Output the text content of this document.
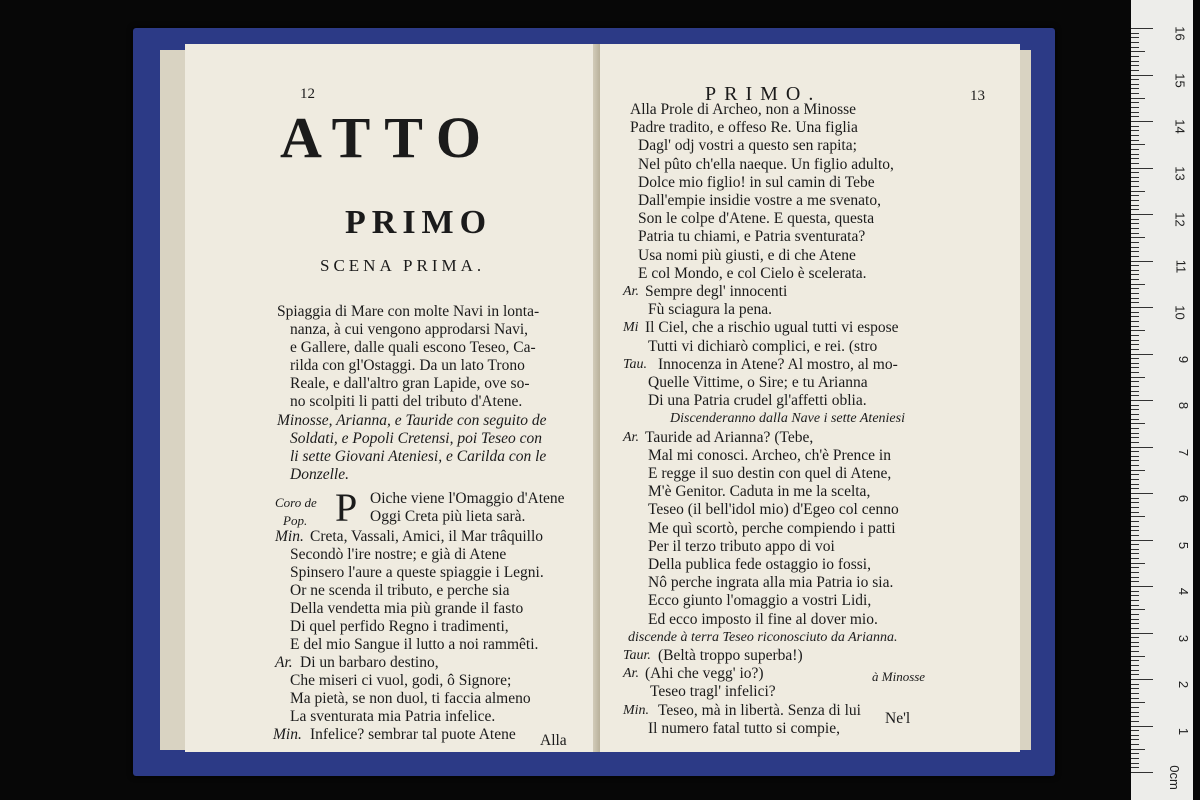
12
ATTO
PRIMO
SCENA PRIMA.
Spiaggia di Mare con molte Navi in lonta-
nanza, à cui vengono approdarsi Navi,
e Gallere, dalle quali escono Teseo, Ca-
rilda con gl'Ostaggi. Da un lato Trono
Reale, e dall'altro gran Lapide, ove so-
no scolpiti li patti del tributo d'Atene.
Minosse, Arianna, e Tauride con seguito de
Soldati, e Popoli Cretensi, poi Teseo con
li sette Giovani Ateniesi, e Carilda con le
Donzelle.
P
Coro de	Oiche viene l'Omaggio d'Atene
Pop.	Oggi Creta più lieta sarà.
Min. Creta, Vassali, Amici, il Mar trâquillo
Secondò l'ire nostre; e già di Atene
Spinsero l'aure a queste spiaggie i Legni.
Or ne scenda il tributo, e perche sia
Della vendetta mia più grande il fasto
Di quel perfido Regno i tradimenti,
E del mio Sangue il lutto a noi rammêti.
Ar. Di un barbaro destino,
Che miseri ci vuol, godi, ô Signore;
Ma pietà, se non duol, ti faccia almeno
La sventurata mia Patria infelice.
Min. Infelice? sembrar tal puote Atene Alla
PRIMO.	13
Alla Prole di Archeo, non a Minosse
Padre tradito, e offeso Re. Una figlia
Dagl' odj vostri a questo sen rapita;
Nel pûto ch'ella naeque. Un figlio adulto,
Dolce mio figlio! in sul camin di Tebe
Dall'empie insidie vostre a me svenato,
Son le colpe d'Atene. E questa, questa
Patria tu chiami, e Patria sventurata?
Usa nomi più giusti, e di che Atene
E col Mondo, e col Cielo è scelerata.
Ar. Sempre degl' innocenti
Fù sciagura la pena.
Mi Il Ciel, che a rischio ugual tutti vi espose
Tutti vi dichiarò complici, e rei. (stro
Tau. Innocenza in Atene? Al mostro, al mo-
Quelle Vittime, o Sire; e tu Arianna
Di una Patria crudel gl'affetti oblia.
Discenderanno dalla Nave i sette Ateniesi
Ar. Tauride ad Arianna? (Tebe,
Mal mi conosci. Archeo, ch'è Prence in
E regge il suo destin con quel di Atene,
M'è Genitor. Caduta in me la scelta,
Teseo (il bell'idol mio) d'Egeo col cenno
Me quì scortò, perche compiendo i patti
Per il terzo tributo appo di voi
Della publica fede ostaggio io fossi,
Nô perche ingrata alla mia Patria io sia.
Ecco giunto l'omaggio a vostri Lidi,
Ed ecco imposto il fine al dover mio.
discende à terra Teseo riconosciuto da Arianna.
Taur. (Beltà troppo superba!)
Ar. (Ahi che vegg' io?)
Teseo tragl' infelici?
Min. Teseo, mà in libertà. Senza di lui
Il numero fatal tutto si compie,
à Minosse
Ne'l
16
15
14
13
12
11
10
9
8
7
6
5
4
3
2
1
0cm
